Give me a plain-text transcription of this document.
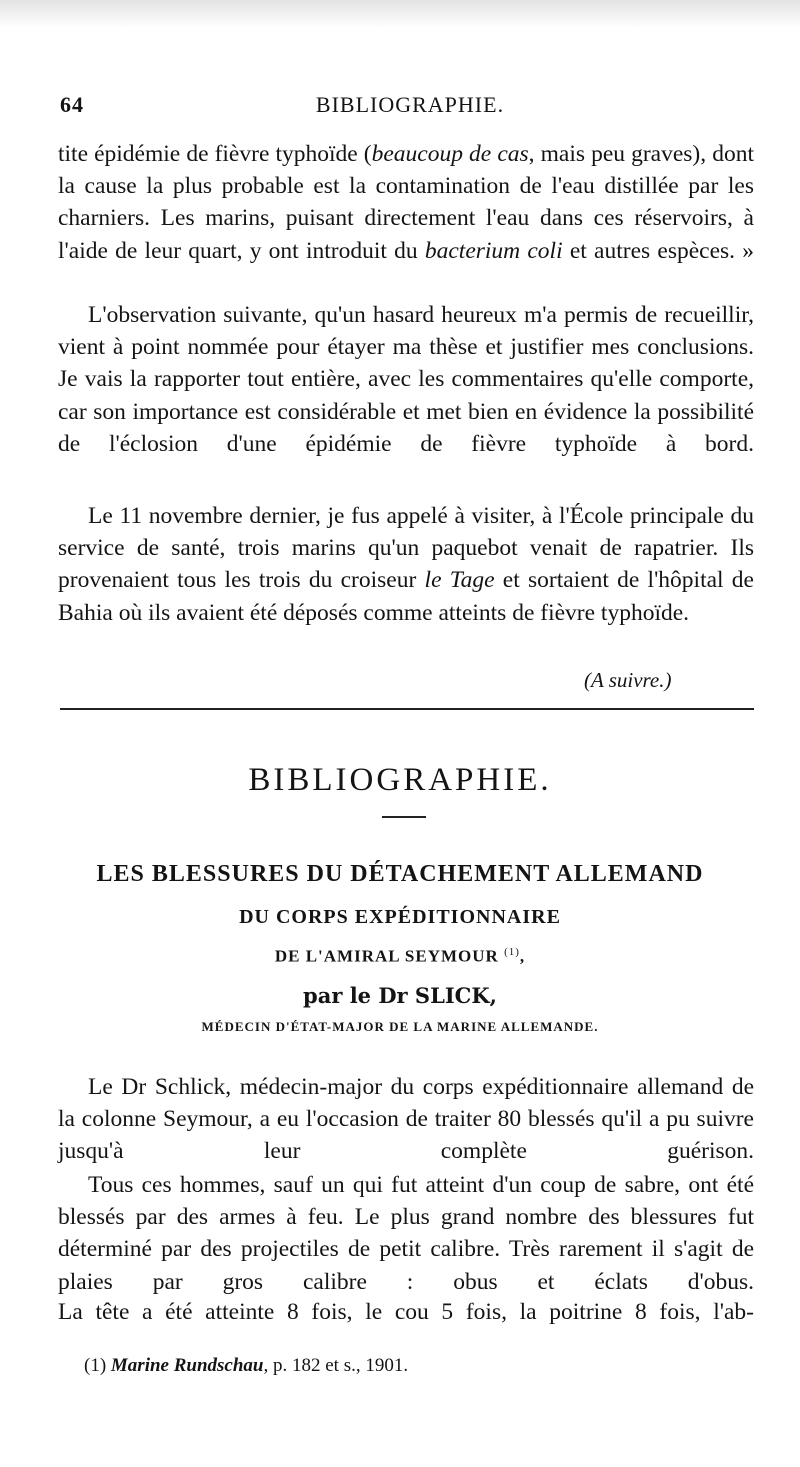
64	BIBLIOGRAPHIE.

tite épidémie de fièvre typhoïde (beaucoup de cas, mais peu graves), dont la cause la plus probable est la contamination de l'eau distillée par les charniers. Les marins, puisant directement l'eau dans ces réservoirs, à l'aide de leur quart, y ont introduit du bacterium coli et autres espèces. »

L'observation suivante, qu'un hasard heureux m'a permis de recueillir, vient à point nommée pour étayer ma thèse et justifier mes conclusions. Je vais la rapporter tout entière, avec les commentaires qu'elle comporte, car son importance est considérable et met bien en évidence la possibilité de l'éclosion d'une épidémie de fièvre typhoïde à bord.

Le 11 novembre dernier, je fus appelé à visiter, à l'École principale du service de santé, trois marins qu'un paquebot venait de rapatrier. Ils provenaient tous les trois du croiseur le Tage et sortaient de l'hôpital de Bahia où ils avaient été déposés comme atteints de fièvre typhoïde.

(A suivre.)
BIBLIOGRAPHIE.
LES BLESSURES DU DÉTACHEMENT ALLEMAND
DU CORPS EXPÉDITIONNAIRE
DE L'AMIRAL SEYMOUR $^{(1)}$,
par le Dr SLICK,
MÉDECIN D'ÉTAT-MAJOR DE LA MARINE ALLEMANDE.

Le Dr Schlick, médecin-major du corps expéditionnaire allemand de la colonne Seymour, a eu l'occasion de traiter 80 blessés qu'il a pu suivre jusqu'à leur complète guérison.

Tous ces hommes, sauf un qui fut atteint d'un coup de sabre, ont été blessés par des armes à feu. Le plus grand nombre des blessures fut déterminé par des projectiles de petit calibre. Très rarement il s'agit de plaies par gros calibre : obus et éclats d'obus.

La tête a été atteinte 8 fois, le cou 5 fois, la poitrine 8 fois, l'ab-

(1) Marine Rundschau, p. 182 et s., 1901.
